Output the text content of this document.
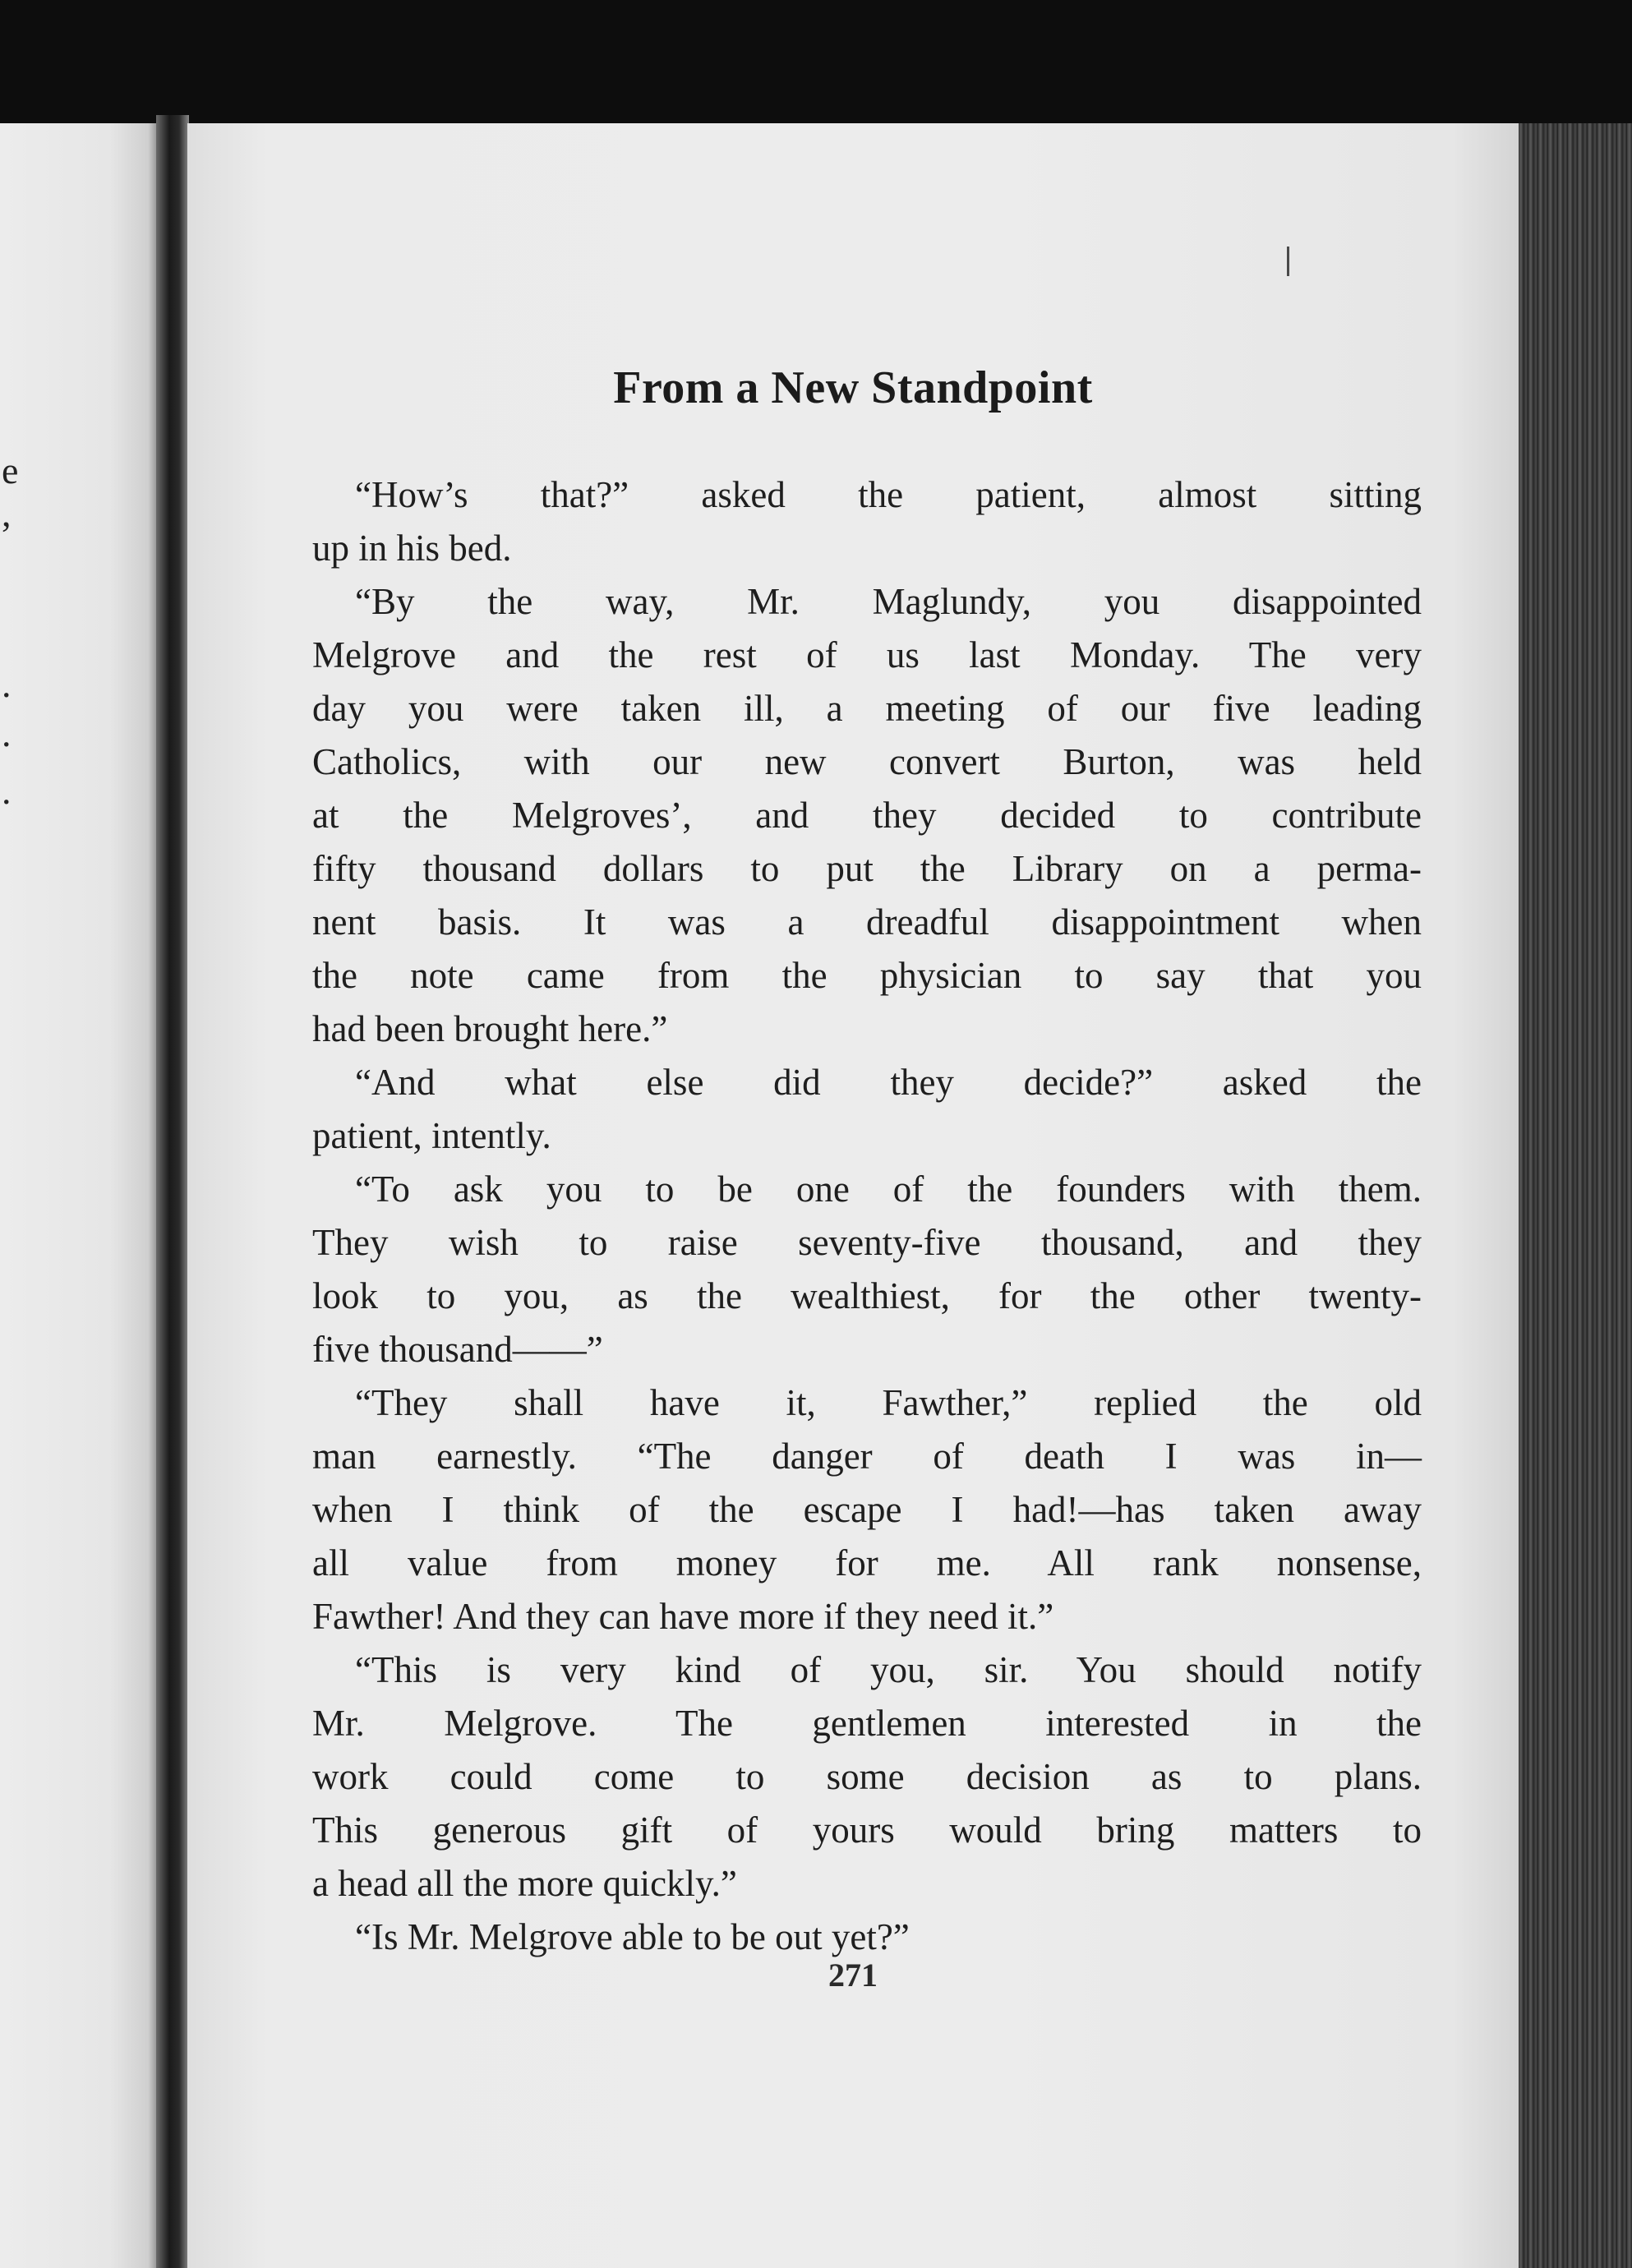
e
,
.
.
.
From a New Standpoint
“How’s that?” asked the patient, almost sitting
up in his bed.
“By the way, Mr. Maglundy, you disappointed
Melgrove and the rest of us last Monday. The very
day you were taken ill, a meeting of our five leading
Catholics, with our new convert Burton, was held
at the Melgroves’, and they decided to contribute
fifty thousand dollars to put the Library on a perma-
nent basis. It was a dreadful disappointment when
the note came from the physician to say that you
had been brought here.”
“And what else did they decide?” asked the
patient, intently.
“To ask you to be one of the founders with them.
They wish to raise seventy-five thousand, and they
look to you, as the wealthiest, for the other twenty-
five thousand——”
“They shall have it, Fawther,” replied the old
man earnestly. “The danger of death I was in—
when I think of the escape I had!—has taken away
all value from money for me. All rank nonsense,
Fawther! And they can have more if they need it.”
“This is very kind of you, sir. You should notify
Mr. Melgrove. The gentlemen interested in the
work could come to some decision as to plans.
This generous gift of yours would bring matters to
a head all the more quickly.”
“Is Mr. Melgrove able to be out yet?”
271
